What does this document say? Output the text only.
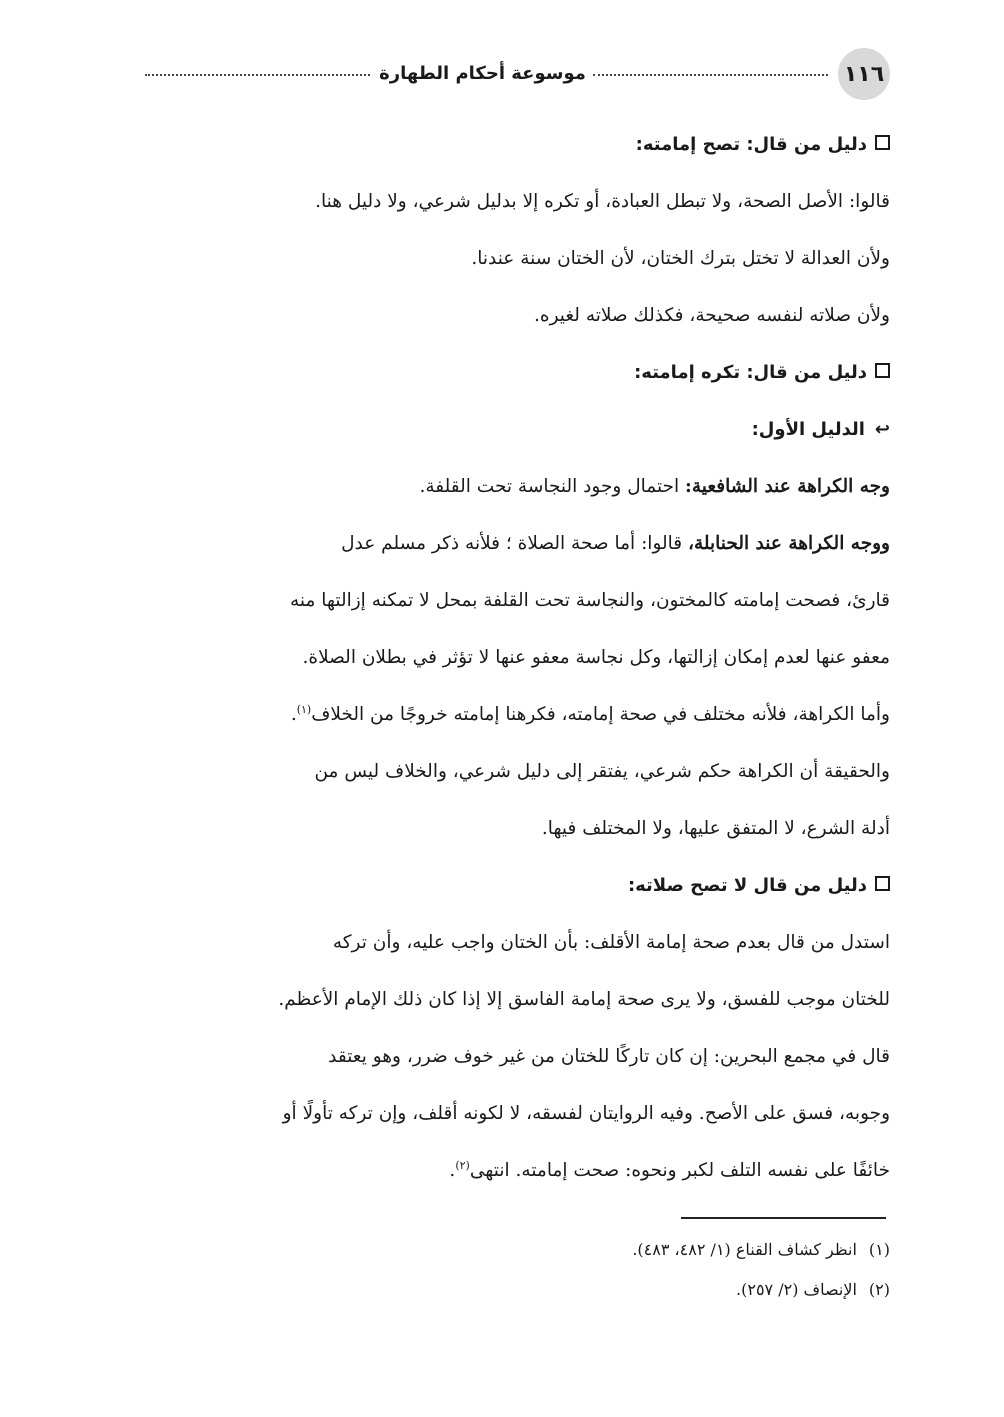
١١٦
موسوعة أحكام الطهارة

دليل من قال: تصح إمامته:

قالوا: الأصل الصحة، ولا تبطل العبادة، أو تكره إلا بدليل شرعي، ولا دليل هنا.

ولأن العدالة لا تختل بترك الختان، لأن الختان سنة عندنا.

ولأن صلاته لنفسه صحيحة، فكذلك صلاته لغيره.

دليل من قال: تكره إمامته:

↩الدليل الأول:

وجه الكراهة عند الشافعية: احتمال وجود النجاسة تحت القلفة.

ووجه الكراهة عند الحنابلة، قالوا: أما صحة الصلاة ؛ فلأنه ذكر مسلم عدل

قارئ، فصحت إمامته كالمختون، والنجاسة تحت القلفة بمحل لا تمكنه إزالتها منه

معفو عنها لعدم إمكان إزالتها، وكل نجاسة معفو عنها لا تؤثر في بطلان الصلاة.

وأما الكراهة، فلأنه مختلف في صحة إمامته، فكرهنا إمامته خروجًا من الخلاف$^{(١)}$.

والحقيقة أن الكراهة حكم شرعي، يفتقر إلى دليل شرعي، والخلاف ليس من

أدلة الشرع، لا المتفق عليها، ولا المختلف فيها.

دليل من قال لا تصح صلاته:

استدل من قال بعدم صحة إمامة الأقلف: بأن الختان واجب عليه، وأن تركه

للختان موجب للفسق، ولا يرى صحة إمامة الفاسق إلا إذا كان ذلك الإمام الأعظم.

قال في مجمع البحرين: إن كان تاركًا للختان من غير خوف ضرر، وهو يعتقد

وجوبه، فسق على الأصح. وفيه الروايتان لفسقه، لا لكونه أقلف، وإن تركه تأولًا أو

خائفًا على نفسه التلف لكبر ونحوه: صحت إمامته. انتهى$^{(٢)}$.

(١)انظر كشاف القناع (١/ ٤٨٢، ٤٨٣).
(٢)الإنصاف (٢/ ٢٥٧).
